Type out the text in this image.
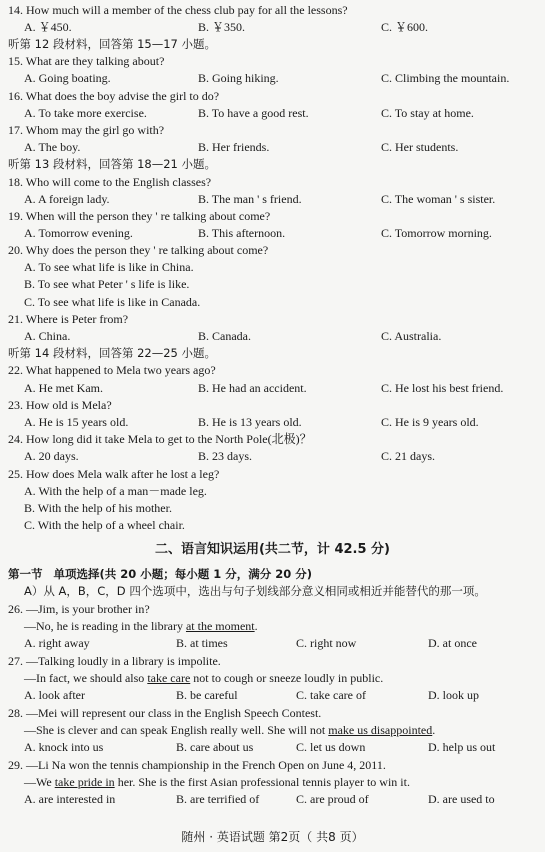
14. How much will a member of the chess club pay for all the lessons?
A. ￥450.	B. ￥350.	C. ￥600.
听第 12 段材料，回答第 15—17 小题。
15. What are they talking about?
A. Going boating.	B. Going hiking.	C. Climbing the mountain.
16. What does the boy advise the girl to do?
A. To take more exercise.	B. To have a good rest.	C. To stay at home.
17. Whom may the girl go with?
A. The boy.	B. Her friends.	C. Her students.
听第 13 段材料，回答第 18—21 小题。
18. Who will come to the English classes?
A. A foreign lady.	B. The man ' s friend.	C. The woman ' s sister.
19. When will the person they ' re talking about come?
A. Tomorrow evening.	B. This afternoon.	C. Tomorrow morning.
20. Why does the person they ' re talking about come?
A. To see what life is like in China.
B. To see what Peter ' s life is like.
C. To see what life is like in Canada.
21. Where is Peter from?
A. China.	B. Canada.	C. Australia.
听第 14 段材料，回答第 22—25 小题。
22. What happened to Mela two years ago?
A. He met Kam.	B. He had an accident.	C. He lost his best friend.
23. How old is Mela?
A. He is 15 years old.	B. He is 13 years old.	C. He is 9 years old.
24. How long did it take Mela to get to the North Pole(北极)？
A. 20 days.	B. 23 days.	C. 21 days.
25. How does Mela walk after he lost a leg?
A. With the help of a man－made leg.
B. With the help of his mother.
C. With the help of a wheel chair.
二、语言知识运用(共二节，计 42.5 分)
第一节 单项选择(共 20 小题；每小题 1 分，满分 20 分)
A）从 A，B，C，D 四个选项中，选出与句子划线部分意义相同或相近并能替代的那一项。
26. —Jim, is your brother in?
—No, he is reading in the library at the moment.
A. right away	B. at times	C. right now	D. at once
27. —Talking loudly in a library is impolite.
—In fact, we should also take care not to cough or sneeze loudly in public.
A. look after	B. be careful	C. take care of	D. look up
28. —Mei will represent our class in the English Speech Contest.
—She is clever and can speak English really well. She will not make us disappointed.
A. knock into us	B. care about us	C. let us down	D. help us out
29. —Li Na won the tennis championship in the French Open on June 4, 2011.
—We take pride in her. She is the first Asian professional tennis player to win it.
A. are interested in	B. are terrified of	C. are proud of	D. are used to
随州 · 英语试题 第2页（ 共8 页）
